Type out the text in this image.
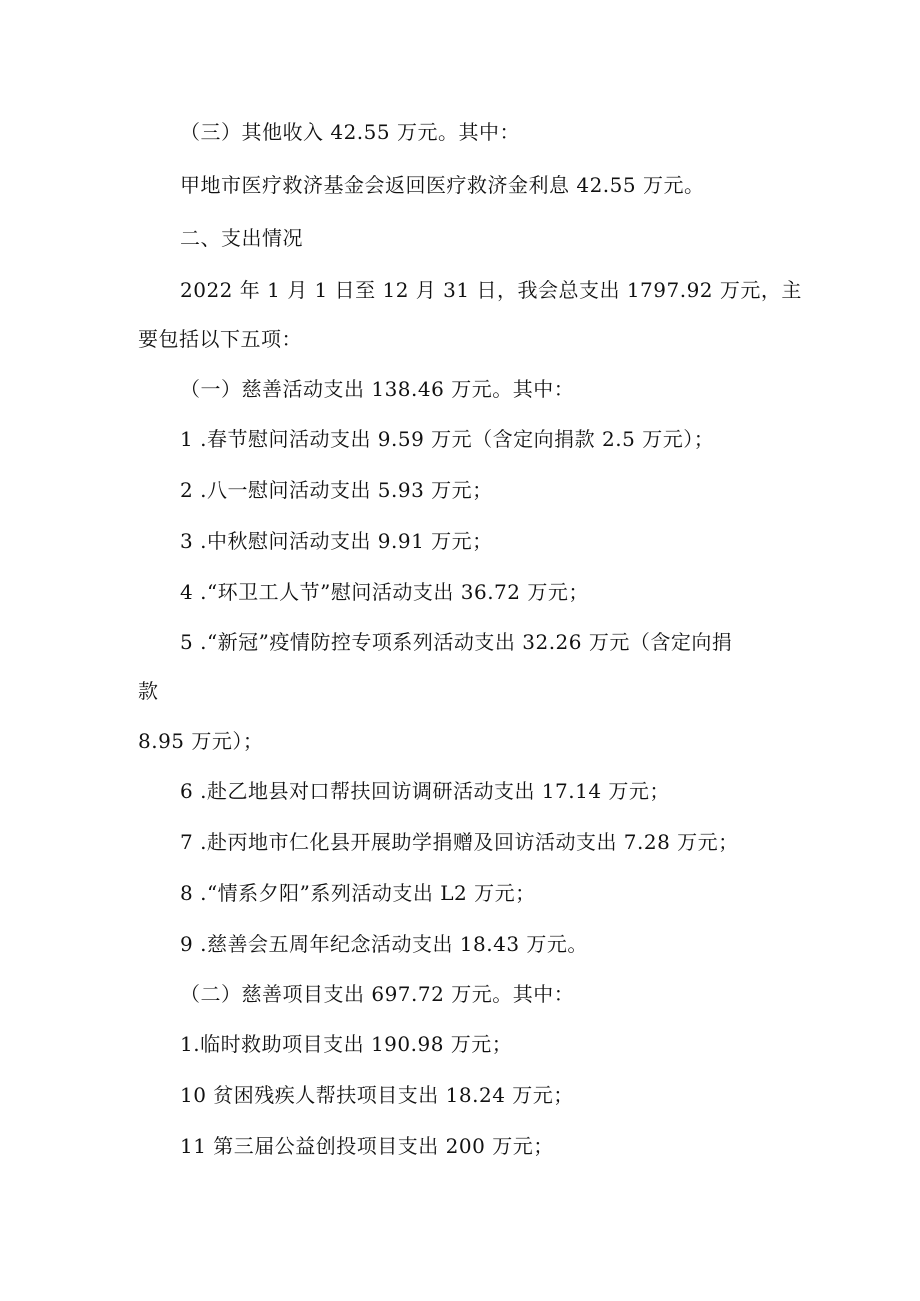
（三）其他收入 42.55 万元。其中：
甲地市医疗救济基金会返回医疗救济金利息 42.55 万元。
二、支出情况
2022 年 1 月 1 日至 12 月 31 日，我会总支出 1797.92 万元，主
要包括以下五项：
（一）慈善活动支出 138.46 万元。其中：
1 .春节慰问活动支出 9.59 万元（含定向捐款 2.5 万元）；
2 .八一慰问活动支出 5.93 万元；
3 .中秋慰问活动支出 9.91 万元；
4 .“环卫工人节”慰问活动支出 36.72 万元；
5 .“新冠”疫情防控专项系列活动支出 32.26 万元（含定向捐
款
8.95 万元）；
6 .赴乙地县对口帮扶回访调研活动支出 17.14 万元；
7 .赴丙地市仁化县开展助学捐赠及回访活动支出 7.28 万元；
8 .“情系夕阳”系列活动支出 L2 万元；
9 .慈善会五周年纪念活动支出 18.43 万元。
（二）慈善项目支出 697.72 万元。其中：
1.临时救助项目支出 190.98 万元；
10 贫困残疾人帮扶项目支出 18.24 万元；
11 第三届公益创投项目支出 200 万元；
